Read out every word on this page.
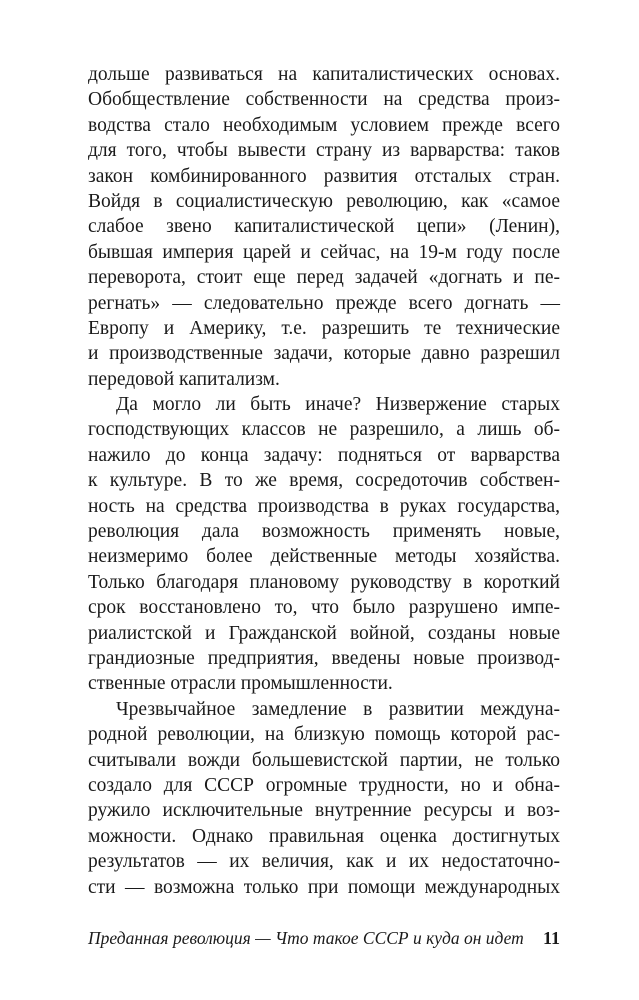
дольше развиваться на капиталистических основах.
Обобществление собственности на средства произ-
водства стало необходимым условием прежде всего
для того, чтобы вывести страну из варварства: таков
закон комбинированного развития отсталых стран.
Войдя в социалистическую революцию, как «самое
слабое звено капиталистической цепи» (Ленин),
бывшая империя царей и сейчас, на 19-м году после
переворота, стоит еще перед задачей «догнать и пе-
регнать» — следовательно прежде всего догнать —
Европу и Америку, т.е. разрешить те технические
и производственные задачи, которые давно разрешил
передовой капитализм.
Да могло ли быть иначе? Низвержение старых
господствующих классов не разрешило, а лишь об-
нажило до конца задачу: подняться от варварства
к культуре. В то же время, сосредоточив собствен-
ность на средства производства в руках государства,
революция дала возможность применять новые,
неизмеримо более действенные методы хозяйства.
Только благодаря плановому руководству в короткий
срок восстановлено то, что было разрушено импе-
риалистской и Гражданской войной, созданы новые
грандиозные предприятия, введены новые производ-
ственные отрасли промышленности.
Чрезвычайное замедление в развитии междуна-
родной революции, на близкую помощь которой рас-
считывали вожди большевистской партии, не только
создало для СССР огромные трудности, но и обна-
ружило исключительные внутренние ресурсы и воз-
можности. Однако правильная оценка достигнутых
результатов — их величия, как и их недостаточно-
сти — возможна только при помощи международных
Преданная революция — Что такое СССР и куда он идет 11
